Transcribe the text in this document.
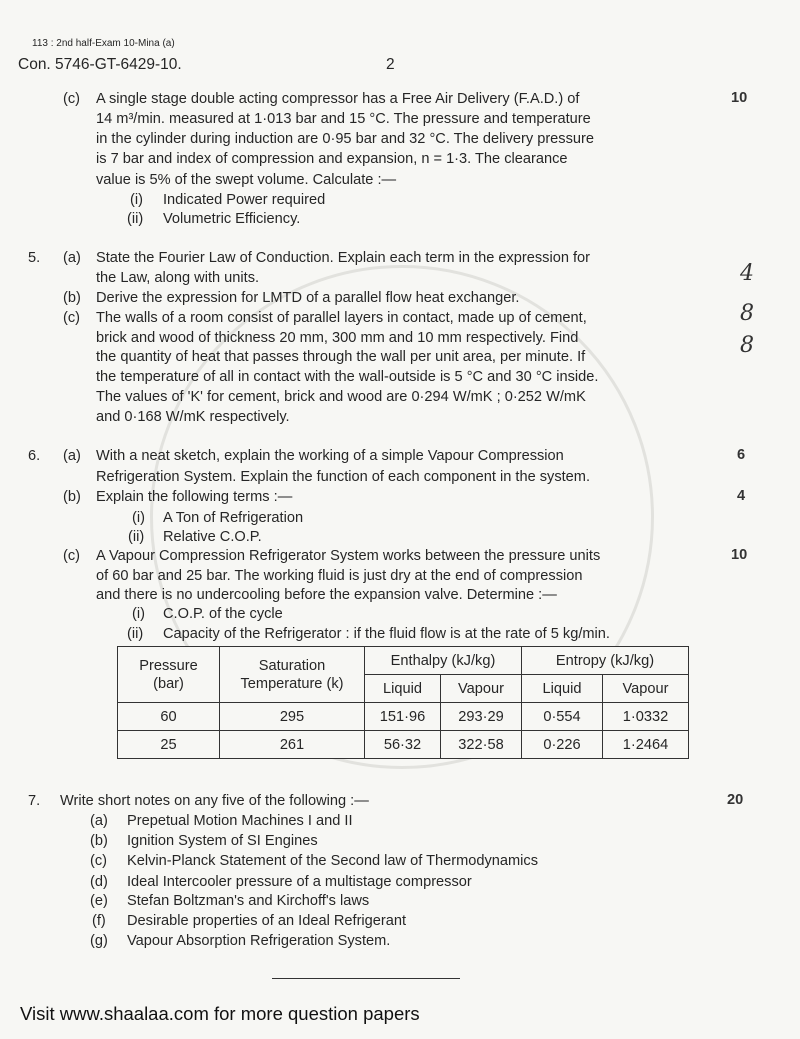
113 : 2nd half-Exam 10-Mina (a)
Con. 5746-GT-6429-10.	2
(c)	10
A single stage double acting compressor has a Free Air Delivery (F.A.D.) of
14 m³/min. measured at 1·013 bar and 15 °C. The pressure and temperature
in the cylinder during induction are 0·95 bar and 32 °C. The delivery pressure
is 7 bar and index of compression and expansion, n = 1·3. The clearance
value is 5% of the swept volume. Calculate :—
(i) Indicated Power required
(ii) Volumetric Efficiency.
5. (a) State the Fourier Law of Conduction. Explain each term in the expression for
the Law, along with units.
(b) Derive the expression for LMTD of a parallel flow heat exchanger.
(c) The walls of a room consist of parallel layers in contact, made up of cement,
brick and wood of thickness 20 mm, 300 mm and 10 mm respectively. Find
the quantity of heat that passes through the wall per unit area, per minute. If
the temperature of all in contact with the wall-outside is 5 °C and 30 °C inside.
The values of 'K' for cement, brick and wood are 0·294 W/mK ; 0·252 W/mK
and 0·168 W/mK respectively.
4
8
8
6. (a)	6
With a neat sketch, explain the working of a simple Vapour Compression
Refrigeration System. Explain the function of each component in the system.
(b)	4
Explain the following terms :—
(i) A Ton of Refrigeration
(ii) Relative C.O.P.
(c)	10
A Vapour Compression Refrigerator System works between the pressure units
of 60 bar and 25 bar. The working fluid is just dry at the end of compression
and there is no undercooling before the expansion valve. Determine :—
(i) C.O.P. of the cycle
(ii) Capacity of the Refrigerator : if the fluid flow is at the rate of 5 kg/min.
Pressure
(bar)	Saturation
Temperature (k)	Enthalpy (kJ/kg)		Entropy (kJ/kg)	
		Liquid	Vapour	Liquid	Vapour
60	295	151·96	293·29	0·554	1·0332
25	261	56·32	322·58	0·226	1·2464
7. Write short notes on any five of the following :—	20
(a) Prepetual Motion Machines I and II
(b) Ignition System of SI Engines
(c) Kelvin-Planck Statement of the Second law of Thermodynamics
(d) Ideal Intercooler pressure of a multistage compressor
(e) Stefan Boltzman's and Kirchoff's laws
(f) Desirable properties of an Ideal Refrigerant
(g) Vapour Absorption Refrigeration System.
Visit www.shaalaa.com for more question papers
